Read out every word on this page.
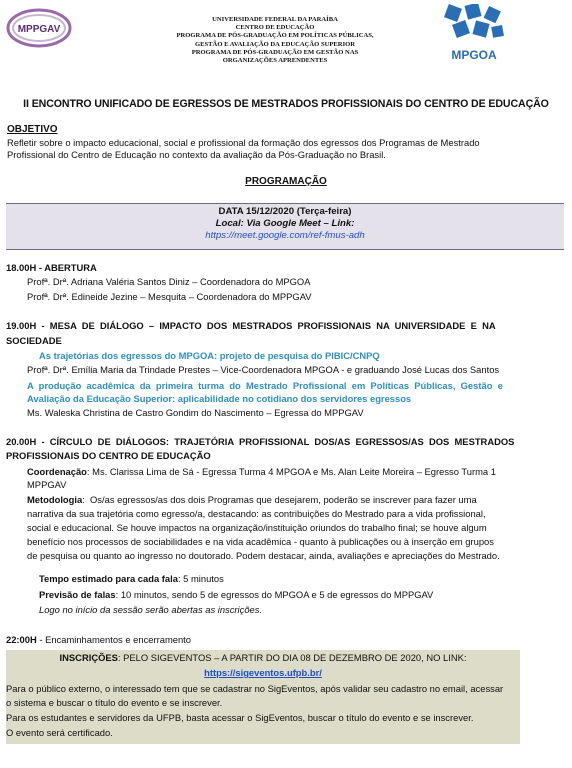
MPPGAV
UNIVERSIDADE FEDERAL DA PARAÍBA
CENTRO DE EDUCAÇÃO
PROGRAMA DE PÓS-GRADUAÇÃO EM POLÍTICAS PÚBLICAS,
GESTÃO E AVALIAÇÃO DA EDUCAÇÃO SUPERIOR
PROGRAMA DE PÓS-GRADUAÇÃO EM GESTÃO NAS
ORGANIZAÇÕES APRENDENTES	MPGOA
II ENCONTRO UNIFICADO DE EGRESSOS DE MESTRADOS PROFISSIONAIS DO CENTRO DE EDUCAÇÃO
OBJETIVO
Refletir sobre o impacto educacional, social e profissional da formação dos egressos dos Programas de Mestrado
Profissional do Centro de Educação no contexto da avaliação da Pós-Graduação no Brasil.
PROGRAMAÇÃO
DATA 15/12/2020 (Terça-feira)
Local: Via Google Meet – Link:
https://meet.google.com/ref-fmus-adh
18.00H - ABERTURA
Profª. Drª. Adriana Valéria Santos Diniz – Coordenadora do MPGOA
Profª. Drª. Edineide Jezine – Mesquita – Coordenadora do MPPGAV
19.00H  -  MESA  DE  DIÁLOGO  –  IMPACTO  DOS  MESTRADOS  PROFISSIONAIS  NA  UNIVERSIDADE  E  NA
SOCIEDADE
As trajetórias dos egressos do MPGOA: projeto de pesquisa do PIBIC/CNPQ
Profª. Drª. Emília Maria da Trindade Prestes – Vice-Coordenadora MPGOA - e graduando José Lucas dos Santos
A  produção  acadêmica  da  primeira  turma  do  Mestrado  Profissional  em  Políticas  Públicas,  Gestão  e
Avaliação da Educação Superior: aplicabilidade no cotidiano dos servidores egressos
Ms. Waleska Christina de Castro Gondim do Nascimento – Egressa do MPPGAV
20.00H  -  CÍRCULO  DE  DIÁLOGOS:  TRAJETÓRIA  PROFISSIONAL  DOS/AS  EGRESSOS/AS  DOS  MESTRADOS
PROFISSIONAIS DO CENTRO DE EDUCAÇÃO
Coordenação: Ms. Clarissa Lima de Sá - Egressa Turma 4 MPGOA e Ms. Alan Leite Moreira – Egresso Turma 1
MPPGAV
Metodologia:  Os/as egressos/as dos dois Programas que desejarem, poderão se inscrever para fazer uma
narrativa da sua trajetória como egresso/a, destacando: as contribuições do Mestrado para a vida profissional,
social e educacional. Se houve impactos na organização/instituição oriundos do trabalho final; se houve algum
benefício nos processos de sociabilidades e na vida acadêmica - quanto à publicações ou à inserção em grupos
de pesquisa ou quanto ao ingresso no doutorado. Podem destacar, ainda, avaliações e apreciações do Mestrado.
Tempo estimado para cada fala: 5 minutos
Previsão de falas: 10 minutos, sendo 5 de egressos do MPGOA e 5 de egressos do MPPGAV
Logo no início da sessão serão abertas as inscrições.
22:00H - Encaminhamentos e encerramento
INSCRIÇÕES: PELO SIGEVENTOS – A PARTIR DO DIA 08 DE DEZEMBRO DE 2020, NO LINK:
https://sigeventos.ufpb.br/
Para o público externo, o interessado tem que se cadastrar no SigEventos, após validar seu cadastro no email, acessar
o sistema e buscar o título do evento e se inscrever.
Para os estudantes e servidores da UFPB, basta acessar o SigEventos, buscar o título do evento e se inscrever.
O evento será certificado.
